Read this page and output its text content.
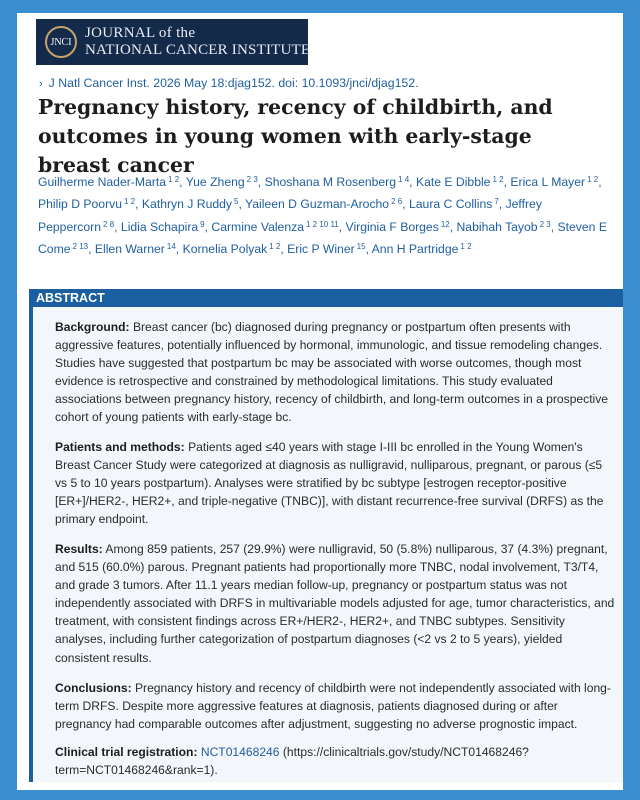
JNCI
JOURNAL of the
NATIONAL CANCER INSTITUTE
› J Natl Cancer Inst. 2026 May 18:djag152. doi: 10.1093/jnci/djag152.
Pregnancy history, recency of childbirth, and outcomes in young women with early-stage breast cancer
Guilherme Nader-Marta $^{1 2}$, Yue Zheng $^{2 3}$, Shoshana M Rosenberg $^{1 4}$, Kate E Dibble $^{1 2}$, Erica L Mayer $^{1 2}$, Philip D Poorvu $^{1 2}$, Kathryn J Ruddy $^5$, Yaileen D Guzman-Arocho $^{2 6}$, Laura C Collins $^7$, Jeffrey Peppercorn $^{2 8}$, Lidia Schapira $^9$, Carmine Valenza $^{1 2 10 11}$, Virginia F Borges $^{12}$, Nabihah Tayob $^{2 3}$, Steven E Come $^{2 13}$, Ellen Warner $^{14}$, Kornelia Polyak $^{1 2}$, Eric P Winer $^{15}$, Ann H Partridge $^{1 2}$
ABSTRACT

Background: Breast cancer (bc) diagnosed during pregnancy or postpartum often presents with aggressive features, potentially influenced by hormonal, immunologic, and tissue remodeling changes. Studies have suggested that postpartum bc may be associated with worse outcomes, though most evidence is retrospective and constrained by methodological limitations. This study evaluated associations between pregnancy history, recency of childbirth, and long-term outcomes in a prospective cohort of young patients with early-stage bc.

Patients and methods: Patients aged ≤40 years with stage I-III bc enrolled in the Young Women's Breast Cancer Study were categorized at diagnosis as nulligravid, nulliparous, pregnant, or parous (≤5 vs 5 to 10 years postpartum). Analyses were stratified by bc subtype [estrogen receptor-positive [ER+]/HER2-, HER2+, and triple-negative (TNBC)], with distant recurrence-free survival (DRFS) as the primary endpoint.

Results: Among 859 patients, 257 (29.9%) were nulligravid, 50 (5.8%) nulliparous, 37 (4.3%) pregnant, and 515 (60.0%) parous. Pregnant patients had proportionally more TNBC, nodal involvement, T3/T4, and grade 3 tumors. After 11.1 years median follow-up, pregnancy or postpartum status was not independently associated with DRFS in multivariable models adjusted for age, tumor characteristics, and treatment, with consistent findings across ER+/HER2-, HER2+, and TNBC subtypes. Sensitivity analyses, including further categorization of postpartum diagnoses (<2 vs 2 to 5 years), yielded consistent results.

Conclusions: Pregnancy history and recency of childbirth were not independently associated with long-term DRFS. Despite more aggressive features at diagnosis, patients diagnosed during or after pregnancy had comparable outcomes after adjustment, suggesting no adverse prognostic impact.

Clinical trial registration: NCT01468246 (https://clinicaltrials.gov/study/NCT01468246?term=NCT01468246&rank=1).
